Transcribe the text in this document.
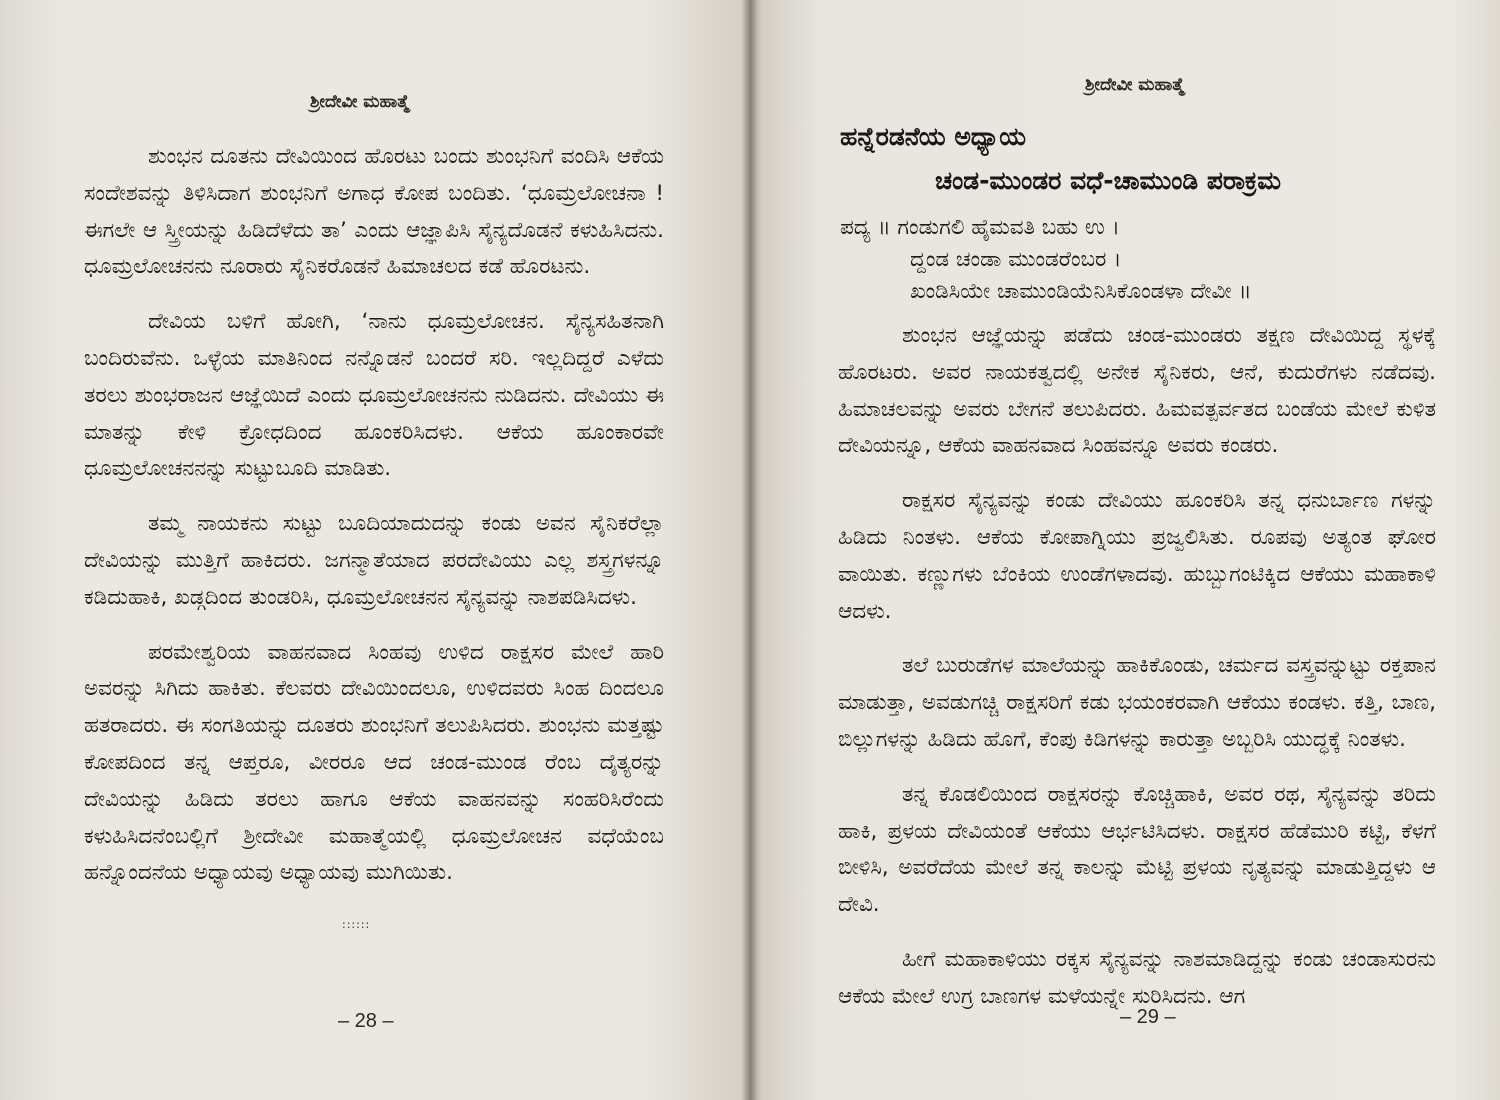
ಶ್ರೀದೇವೀ ಮಹಾತ್ಮೆ

ಶುಂಭನ ದೂತನು ದೇವಿಯಿಂದ ಹೊರಟು ಬಂದು ಶುಂಭನಿಗೆ ವಂದಿಸಿ ಆಕೆಯ ಸಂದೇಶವನ್ನು ತಿಳಿಸಿದಾಗ ಶುಂಭನಿಗೆ ಅಗಾಧ ಕೋಪ ಬಂದಿತು. ‘ಧೂಮ್ರಲೋಚನಾ ! ಈಗಲೇ ಆ ಸ್ತ್ರೀಯನ್ನು ಹಿಡಿದೆಳೆದು ತಾ’ ಎಂದು ಆಜ್ಞಾಪಿಸಿ ಸೈನ್ಯದೊಡನೆ ಕಳುಹಿಸಿದನು. ಧೂಮ್ರಲೋಚನನು ನೂರಾರು ಸೈನಿಕರೊಡನೆ ಹಿಮಾಚಲದ ಕಡೆ ಹೊರಟನು.

ದೇವಿಯ ಬಳಿಗೆ ಹೋಗಿ, ‘ನಾನು ಧೂಮ್ರಲೋಚನ. ಸೈನ್ಯಸಹಿತನಾಗಿ ಬಂದಿರುವೆನು. ಒಳ್ಳೆಯ ಮಾತಿನಿಂದ ನನ್ನೊಡನೆ ಬಂದರೆ ಸರಿ. ಇಲ್ಲದಿದ್ದರೆ ಎಳೆದು ತರಲು ಶುಂಭರಾಜನ ಆಜ್ಞೆಯಿದೆ ಎಂದು ಧೂಮ್ರಲೋಚನನು ನುಡಿದನು. ದೇವಿಯು ಈ ಮಾತನ್ನು ಕೇಳಿ ಕ್ರೋಧದಿಂದ ಹೂಂಕರಿಸಿದಳು. ಆಕೆಯ ಹೂಂಕಾರವೇ ಧೂಮ್ರಲೋಚನನನ್ನು ಸುಟ್ಟುಬೂದಿ ಮಾಡಿತು.

ತಮ್ಮ ನಾಯಕನು ಸುಟ್ಟು ಬೂದಿಯಾದುದನ್ನು ಕಂಡು ಅವನ ಸೈನಿಕರೆಲ್ಲಾ ದೇವಿಯನ್ನು ಮುತ್ತಿಗೆ ಹಾಕಿದರು. ಜಗನ್ಮಾತೆಯಾದ ಪರದೇವಿಯು ಎಲ್ಲ ಶಸ್ತ್ರಗಳನ್ನೂ ಕಡಿದುಹಾಕಿ, ಖಡ್ಗದಿಂದ ತುಂಡರಿಸಿ, ಧೂಮ್ರಲೋಚನನ ಸೈನ್ಯವನ್ನು ನಾಶಪಡಿಸಿದಳು.

ಪರಮೇಶ್ವರಿಯ ವಾಹನವಾದ ಸಿಂಹವು ಉಳಿದ ರಾಕ್ಷಸರ ಮೇಲೆ ಹಾರಿ ಅವರನ್ನು ಸಿಗಿದು ಹಾಕಿತು. ಕೆಲವರು ದೇವಿಯಿಂದಲೂ, ಉಳಿದವರು ಸಿಂಹ ದಿಂದಲೂ ಹತರಾದರು. ಈ ಸಂಗತಿಯನ್ನು ದೂತರು ಶುಂಭನಿಗೆ ತಲುಪಿಸಿದರು. ಶುಂಭನು ಮತ್ತಷ್ಟು ಕೋಪದಿಂದ ತನ್ನ ಆಪ್ತರೂ, ವೀರರೂ ಆದ ಚಂಡ-ಮುಂಡ ರೆಂಬ ದೈತ್ಯರನ್ನು ದೇವಿಯನ್ನು ಹಿಡಿದು ತರಲು ಹಾಗೂ ಆಕೆಯ ವಾಹನವನ್ನು ಸಂಹರಿಸಿರೆಂದು ಕಳುಹಿಸಿದನೆಂಬಲ್ಲಿಗೆ ಶ್ರೀದೇವೀ ಮಹಾತ್ಮೆಯಲ್ಲಿ ಧೂಮ್ರಲೋಚನ ವಧೆಯೆಂಬ ಹನ್ನೊಂದನೆಯ ಅಧ್ಯಾಯವು ಅಧ್ಯಾಯವು ಮುಗಿಯಿತು.

::::::
– 28 –
ಶ್ರೀದೇವೀ ಮಹಾತ್ಮೆ

ಶುಂಭನ ಆಜ್ಞೆಯನ್ನು ಪಡೆದು ಚಂಡ-ಮುಂಡರು ತಕ್ಷಣ ದೇವಿಯಿದ್ದ ಸ್ಥಳಕ್ಕೆ ಹೊರಟರು. ಅವರ ನಾಯಕತ್ವದಲ್ಲಿ ಅನೇಕ ಸೈನಿಕರು, ಆನೆ, ಕುದುರೆಗಳು ನಡೆದವು. ಹಿಮಾಚಲವನ್ನು ಅವರು ಬೇಗನೆ ತಲುಪಿದರು. ಹಿಮವತ್ಪರ್ವತದ ಬಂಡೆಯ ಮೇಲೆ ಕುಳಿತ ದೇವಿಯನ್ನೂ, ಆಕೆಯ ವಾಹನವಾದ ಸಿಂಹವನ್ನೂ ಅವರು ಕಂಡರು.

ರಾಕ್ಷಸರ ಸೈನ್ಯವನ್ನು ಕಂಡು ದೇವಿಯು ಹೂಂಕರಿಸಿ ತನ್ನ ಧನುರ್ಬಾಣ ಗಳನ್ನು ಹಿಡಿದು ನಿಂತಳು. ಆಕೆಯ ಕೋಪಾಗ್ನಿಯು ಪ್ರಜ್ವಲಿಸಿತು. ರೂಪವು ಅತ್ಯಂತ ಘೋರ ವಾಯಿತು. ಕಣ್ಣುಗಳು ಬೆಂಕಿಯ ಉಂಡೆಗಳಾದವು. ಹುಬ್ಬುಗಂಟಿಕ್ಕಿದ ಆಕೆಯು ಮಹಾಕಾಳಿ ಆದಳು.

ತಲೆ ಬುರುಡೆಗಳ ಮಾಲೆಯನ್ನು ಹಾಕಿಕೊಂಡು, ಚರ್ಮದ ವಸ್ತ್ರವನ್ನುಟ್ಟು ರಕ್ತಪಾನ ಮಾಡುತ್ತಾ, ಅವಡುಗಚ್ಚಿ ರಾಕ್ಷಸರಿಗೆ ಕಡು ಭಯಂಕರವಾಗಿ ಆಕೆಯು ಕಂಡಳು. ಕತ್ತಿ, ಬಾಣ, ಬಿಲ್ಲುಗಳನ್ನು ಹಿಡಿದು ಹೊಗೆ, ಕೆಂಪು ಕಿಡಿಗಳನ್ನು ಕಾರುತ್ತಾ ಅಬ್ಬರಿಸಿ ಯುದ್ಧಕ್ಕೆ ನಿಂತಳು.

ತನ್ನ ಕೊಡಲಿಯಿಂದ ರಾಕ್ಷಸರನ್ನು ಕೊಚ್ಚಿಹಾಕಿ, ಅವರ ರಥ, ಸೈನ್ಯವನ್ನು ತರಿದು ಹಾಕಿ, ಪ್ರಳಯ ದೇವಿಯಂತೆ ಆಕೆಯು ಆರ್ಭಟಿಸಿದಳು. ರಾಕ್ಷಸರ ಹೆಡೆಮುರಿ ಕಟ್ಟಿ, ಕೆಳಗೆ ಬೀಳಿಸಿ, ಅವರೆದೆಯ ಮೇಲೆ ತನ್ನ ಕಾಲನ್ನು ಮೆಟ್ಟಿ ಪ್ರಳಯ ನೃತ್ಯವನ್ನು ಮಾಡುತ್ತಿದ್ದಳು ಆ ದೇವಿ.

ಹೀಗೆ ಮಹಾಕಾಳಿಯು ರಕ್ಕಸ ಸೈನ್ಯವನ್ನು ನಾಶಮಾಡಿದ್ದನ್ನು ಕಂಡು ಚಂಡಾಸುರನು ಆಕೆಯ ಮೇಲೆ ಉಗ್ರ ಬಾಣಗಳ ಮಳೆಯನ್ನೇ ಸುರಿಸಿದನು. ಆಗ

– 29 –
ಹನ್ನೆರಡನೆಯ ಅಧ್ಯಾಯ
ಚಂಡ-ಮುಂಡರ ವಧೆ-ಚಾಮುಂಡಿ ಪರಾಕ್ರಮ
ಪದ್ಯ ॥ ಗಂಡುಗಲಿ ಹೈಮವತಿ ಬಹು ಉ ।
ದ್ದಂಡ ಚಂಡಾ ಮುಂಡರೆಂಬರ ।
ಖಂಡಿಸಿಯೇ ಚಾಮುಂಡಿಯೆನಿಸಿಕೊಂಡಳಾ ದೇವೀ ॥
